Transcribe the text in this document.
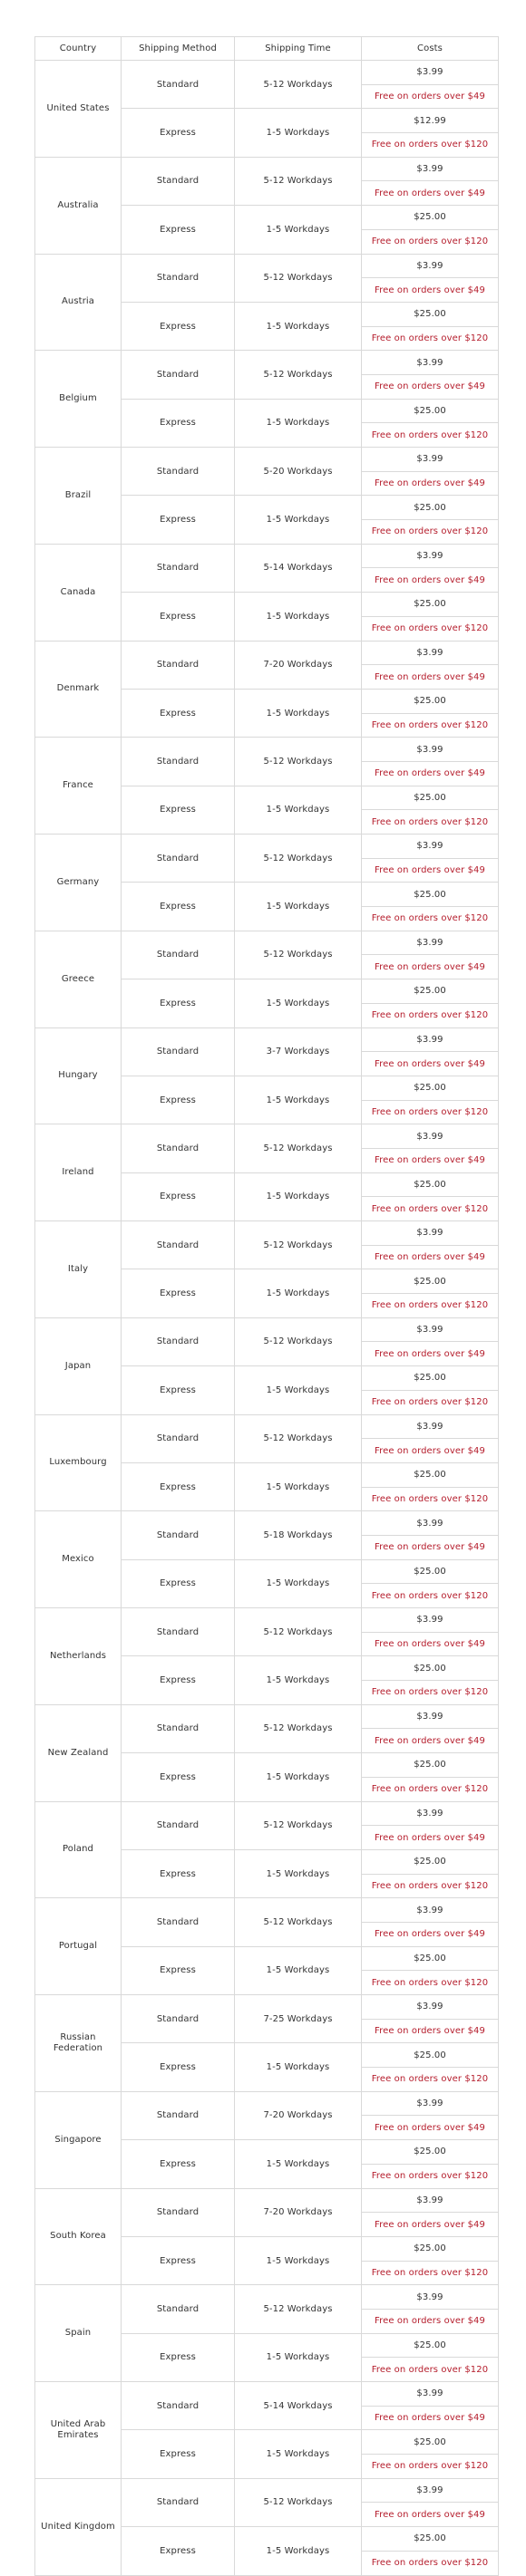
Country	Shipping Method	Shipping Time	Costs
United States	Standard	5-12 Workdays	$3.99
			Free on orders over $49
	Express	1-5 Workdays	$12.99
			Free on orders over $120
Australia	Standard	5-12 Workdays	$3.99
			Free on orders over $49
	Express	1-5 Workdays	$25.00
			Free on orders over $120
Austria	Standard	5-12 Workdays	$3.99
			Free on orders over $49
	Express	1-5 Workdays	$25.00
			Free on orders over $120
Belgium	Standard	5-12 Workdays	$3.99
			Free on orders over $49
	Express	1-5 Workdays	$25.00
			Free on orders over $120
Brazil	Standard	5-20 Workdays	$3.99
			Free on orders over $49
	Express	1-5 Workdays	$25.00
			Free on orders over $120
Canada	Standard	5-14 Workdays	$3.99
			Free on orders over $49
	Express	1-5 Workdays	$25.00
			Free on orders over $120
Denmark	Standard	7-20 Workdays	$3.99
			Free on orders over $49
	Express	1-5 Workdays	$25.00
			Free on orders over $120
France	Standard	5-12 Workdays	$3.99
			Free on orders over $49
	Express	1-5 Workdays	$25.00
			Free on orders over $120
Germany	Standard	5-12 Workdays	$3.99
			Free on orders over $49
	Express	1-5 Workdays	$25.00
			Free on orders over $120
Greece	Standard	5-12 Workdays	$3.99
			Free on orders over $49
	Express	1-5 Workdays	$25.00
			Free on orders over $120
Hungary	Standard	3-7 Workdays	$3.99
			Free on orders over $49
	Express	1-5 Workdays	$25.00
			Free on orders over $120
Ireland	Standard	5-12 Workdays	$3.99
			Free on orders over $49
	Express	1-5 Workdays	$25.00
			Free on orders over $120
Italy	Standard	5-12 Workdays	$3.99
			Free on orders over $49
	Express	1-5 Workdays	$25.00
			Free on orders over $120
Japan	Standard	5-12 Workdays	$3.99
			Free on orders over $49
	Express	1-5 Workdays	$25.00
			Free on orders over $120
Luxembourg	Standard	5-12 Workdays	$3.99
			Free on orders over $49
	Express	1-5 Workdays	$25.00
			Free on orders over $120
Mexico	Standard	5-18 Workdays	$3.99
			Free on orders over $49
	Express	1-5 Workdays	$25.00
			Free on orders over $120
Netherlands	Standard	5-12 Workdays	$3.99
			Free on orders over $49
	Express	1-5 Workdays	$25.00
			Free on orders over $120
New Zealand	Standard	5-12 Workdays	$3.99
			Free on orders over $49
	Express	1-5 Workdays	$25.00
			Free on orders over $120
Poland	Standard	5-12 Workdays	$3.99
			Free on orders over $49
	Express	1-5 Workdays	$25.00
			Free on orders over $120
Portugal	Standard	5-12 Workdays	$3.99
			Free on orders over $49
	Express	1-5 Workdays	$25.00
			Free on orders over $120
Russian Federation	Standard	7-25 Workdays	$3.99
			Free on orders over $49
	Express	1-5 Workdays	$25.00
			Free on orders over $120
Singapore	Standard	7-20 Workdays	$3.99
			Free on orders over $49
	Express	1-5 Workdays	$25.00
			Free on orders over $120
South Korea	Standard	7-20 Workdays	$3.99
			Free on orders over $49
	Express	1-5 Workdays	$25.00
			Free on orders over $120
Spain	Standard	5-12 Workdays	$3.99
			Free on orders over $49
	Express	1-5 Workdays	$25.00
			Free on orders over $120
United Arab Emirates	Standard	5-14 Workdays	$3.99
			Free on orders over $49
	Express	1-5 Workdays	$25.00
			Free on orders over $120
United Kingdom	Standard	5-12 Workdays	$3.99
			Free on orders over $49
	Express	1-5 Workdays	$25.00
			Free on orders over $120
